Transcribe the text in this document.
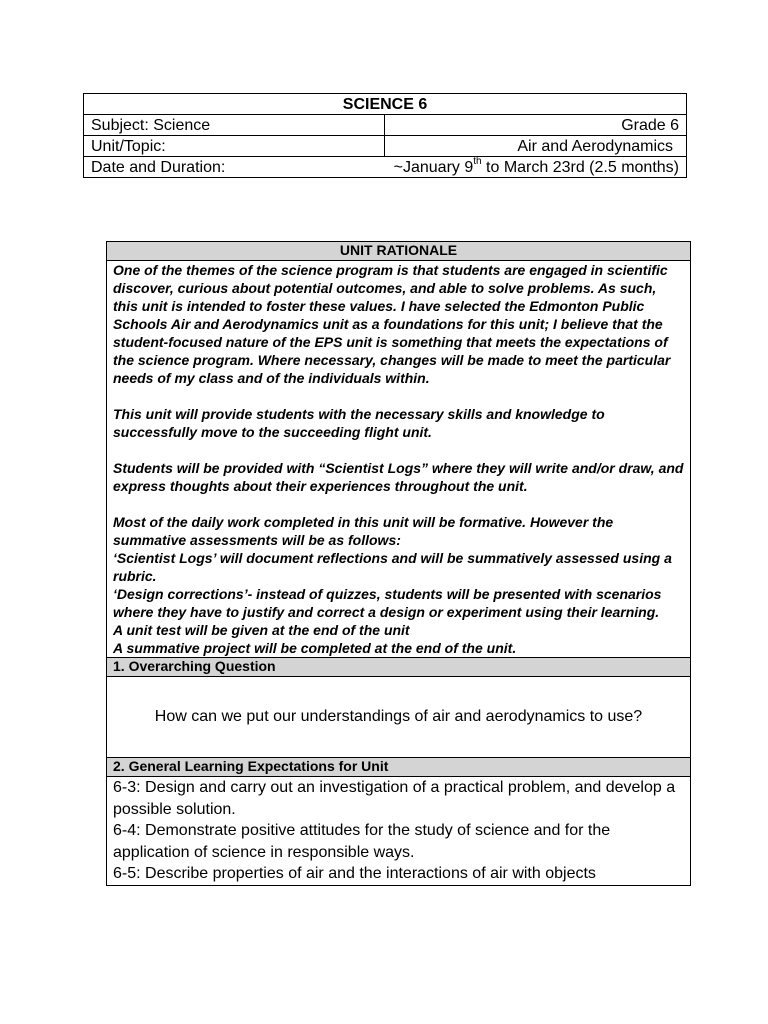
SCIENCE 6	
Subject: Science	Grade 6
Unit/Topic:	Air and Aerodynamics
Date and Duration:	~January 9th to March 23rd (2.5 months)
UNIT RATIONALE

One of the themes of the science program is that students are engaged in scientific discover, curious about potential outcomes, and able to solve problems. As such, this unit is intended to foster these values. I have selected the Edmonton Public Schools Air and Aerodynamics unit as a foundations for this unit; I believe that the student-focused nature of the EPS unit is something that meets the expectations of the science program. Where necessary, changes will be made to meet the particular needs of my class and of the individuals within.

This unit will provide students with the necessary skills and knowledge to successfully move to the succeeding flight unit.

Students will be provided with “Scientist Logs” where they will write and/or draw, and express thoughts about their experiences throughout the unit.

Most of the daily work completed in this unit will be formative. However the summative assessments will be as follows:

‘Scientist Logs’ will document reflections and will be summatively assessed using a rubric.

‘Design corrections’- instead of quizzes, students will be presented with scenarios where they have to justify and correct a design or experiment using their learning.

A unit test will be given at the end of the unit

A summative project will be completed at the end of the unit.

1. Overarching Question
How can we put our understandings of air and aerodynamics to use?
2. General Learning Expectations for Unit

6-3: Design and carry out an investigation of a practical problem, and develop a possible solution.

6-4: Demonstrate positive attitudes for the study of science and for the application of science in responsible ways.

6-5: Describe properties of air and the interactions of air with objects
